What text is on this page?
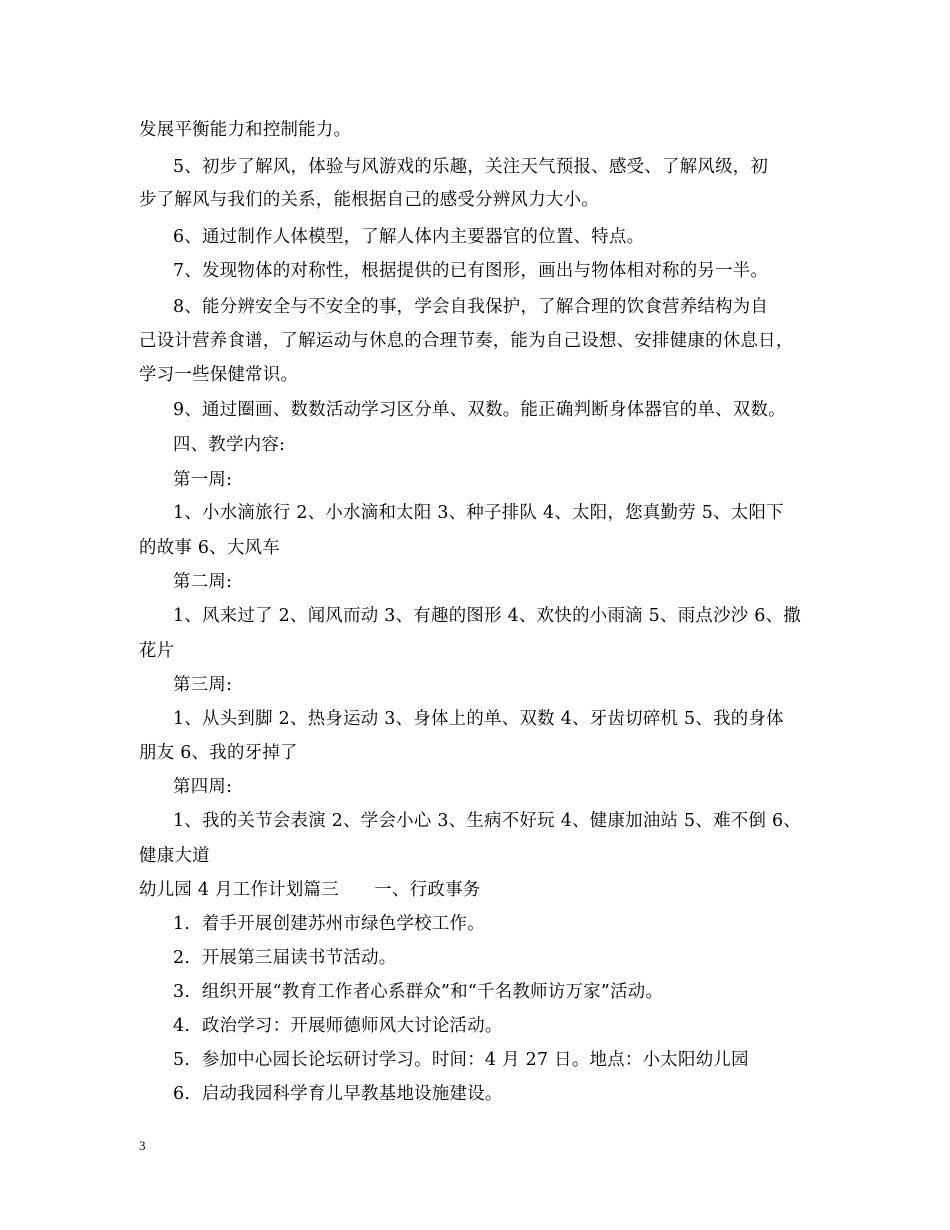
发展平衡能力和控制能力。
5、初步了解风，体验与风游戏的乐趣，关注天气预报、感受、了解风级，初
步了解风与我们的关系，能根据自己的感受分辨风力大小。
6、通过制作人体模型，了解人体内主要器官的位置、特点。
7、发现物体的对称性，根据提供的已有图形，画出与物体相对称的另一半。
8、能分辨安全与不安全的事，学会自我保护，了解合理的饮食营养结构为自
己设计营养食谱，了解运动与休息的合理节奏，能为自己设想、安排健康的休息日，
学习一些保健常识。
9、通过圈画、数数活动学习区分单、双数。能正确判断身体器官的单、双数。
四、教学内容:
第一周:
1、小水滴旅行 2、小水滴和太阳 3、种子排队 4、太阳，您真勤劳 5、太阳下
的故事 6、大风车
第二周:
1、风来过了 2、闻风而动 3、有趣的图形 4、欢快的小雨滴 5、雨点沙沙 6、撒
花片
第三周:
1、从头到脚 2、热身运动 3、身体上的单、双数 4、牙齿切碎机 5、我的身体
朋友 6、我的牙掉了
第四周:
1、我的关节会表演 2、学会小心 3、生病不好玩 4、健康加油站 5、难不倒 6、
健康大道
幼儿园 4 月工作计划篇三　　一、行政事务
1.  着手开展创建苏州市绿色学校工作。
2.  开展第三届读书节活动。
3.  组织开展“教育工作者心系群众”和“千名教师访万家”活动。
4.  政治学习：开展师德师风大讨论活动。
5.  参加中心园长论坛研讨学习。时间：4 月 27 日。地点：小太阳幼儿园
6.  启动我园科学育儿早教基地设施建设。
3
